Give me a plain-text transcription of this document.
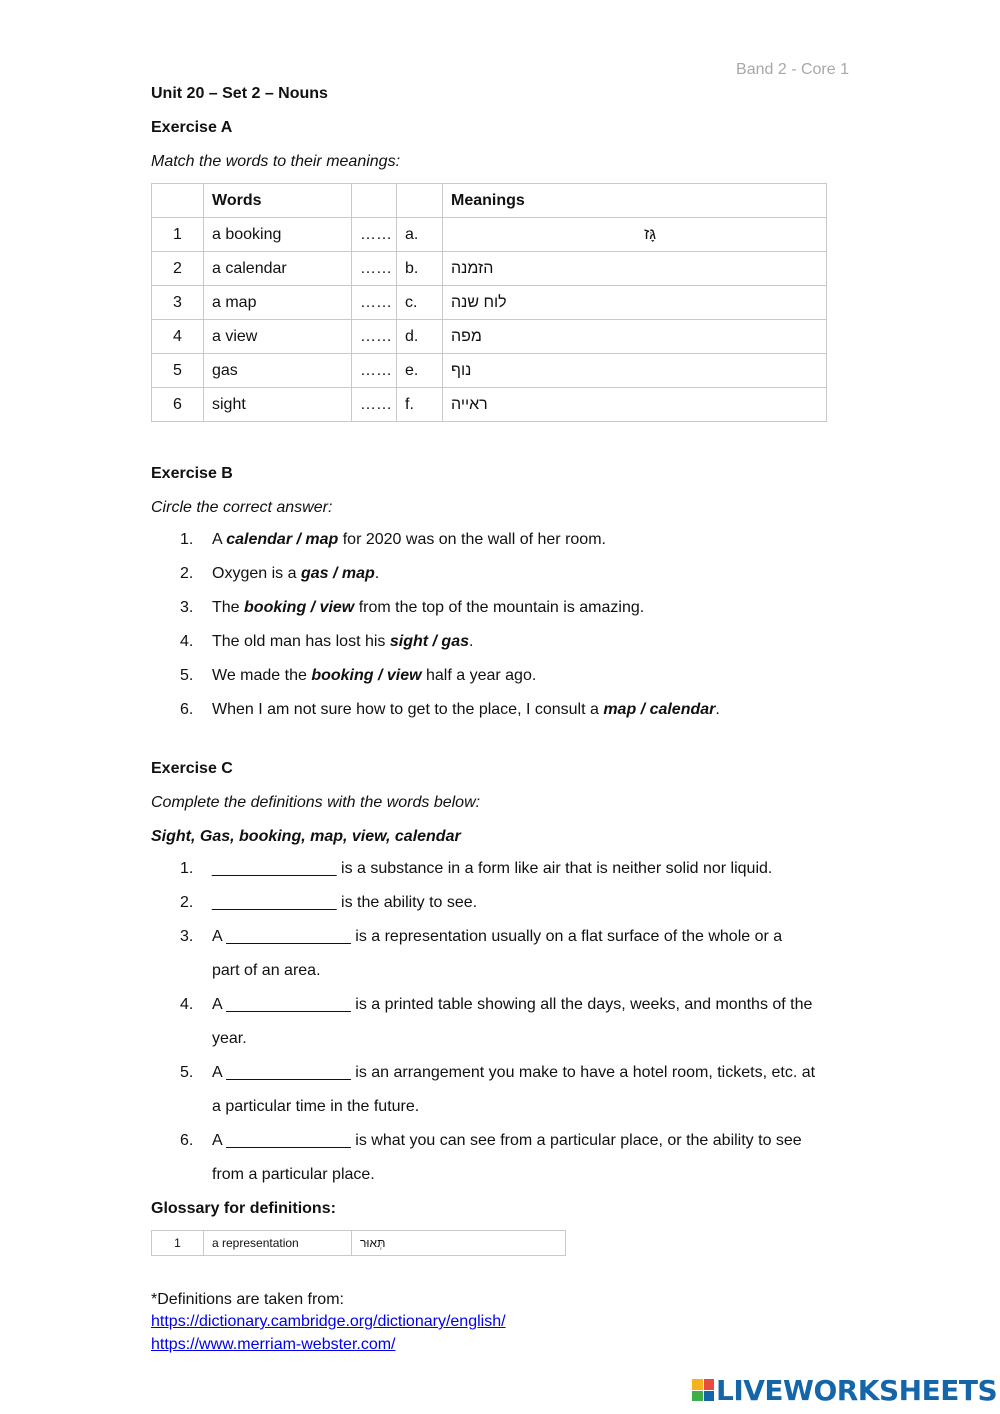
Band 2 - Core 1
Unit 20 – Set 2 – Nouns
Exercise A
Match the words to their meanings:
	Words			Meanings
1	a booking	……	a.	גָּז
2	a calendar	……	b.	הזמנה
3	a map	……	c.	לוח שנה
4	a view	……	d.	מפה
5	gas	……	e.	נוף
6	sight	……	f.	ראייה
Exercise B
Circle the correct answer:
1. A calendar / map for 2020 was on the wall of her room.
2. Oxygen is a gas / map.
3. The booking / view from the top of the mountain is amazing.
4. The old man has lost his sight / gas.
5. We made the booking / view half a year ago.
6. When I am not sure how to get to the place, I consult a map / calendar.
Exercise C
Complete the definitions with the words below:
Sight, Gas, booking, map, view, calendar
1. ______________ is a substance in a form like air that is neither solid nor liquid.
2. ______________ is the ability to see.
3. A ______________ is a representation usually on a flat surface of the whole or a
part of an area.
4. A ______________ is a printed table showing all the days, weeks, and months of the
year.
5. A ______________ is an arrangement you make to have a hotel room, tickets, etc. at
a particular time in the future.
6. A ______________ is what you can see from a particular place, or the ability to see
from a particular place.
Glossary for definitions:
1	a representation	תְּאוּר
*Definitions are taken from:
https://dictionary.cambridge.org/dictionary/english/
https://www.merriam-webster.com/
LIVEWORKSHEETS
